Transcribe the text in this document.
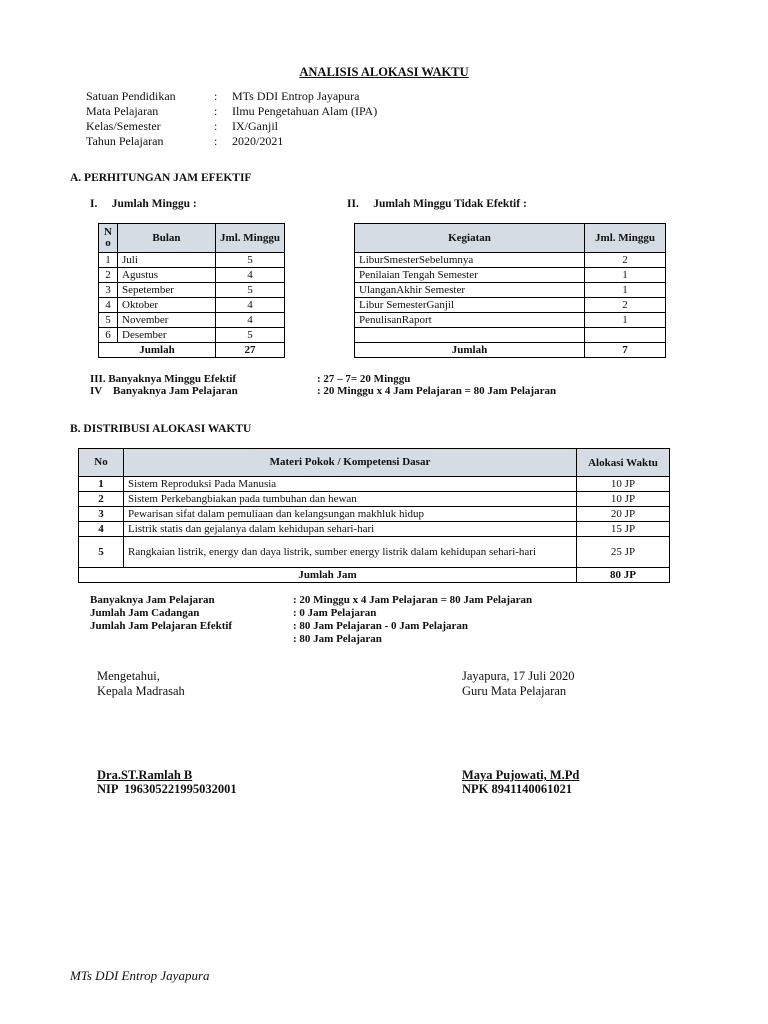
ANALISIS ALOKASI WAKTU
Satuan Pendidikan	: MTs DDI Entrop Jayapura
Mata Pelajaran	: Ilmu Pengetahuan Alam (IPA)
Kelas/Semester	: IX/Ganjil
Tahun Pelajaran	: 2020/2021
A. PERHITUNGAN JAM EFEKTIF
I.     Jumlah Minggu :	II.     Jumlah Minggu Tidak Efektif :
N o	Bulan	Jml. Minggu
1	Juli	5
2	Agustus	4
3	Sepetember	5
4	Oktober	4
5	November	4
6	Desember	5
Jumlah		27
Kegiatan	Jml. Minggu
LiburSmesterSebelumnya	2
Penilaian Tengah Semester	1
UlanganAkhir Semester	1
Libur SemesterGanjil	2
PenulisanRaport	1

Jumlah	7
III. Banyaknya Minggu Efektif	: 27 – 7= 20 Minggu
IV    Banyaknya Jam Pelajaran	: 20 Minggu x 4 Jam Pelajaran = 80 Jam Pelajaran
B. DISTRIBUSI ALOKASI WAKTU
No	Materi Pokok / Kompetensi Dasar	Alokasi Waktu
1	Sistem Reproduksi Pada Manusia	10 JP
2	Sistem Perkebangbiakan pada tumbuhan dan hewan	10 JP
3	Pewarisan sifat dalam pemuliaan dan kelangsungan makhluk hidup	20 JP
4	Listrik statis dan gejalanya dalam kehidupan sehari-hari	15 JP
5	Rangkaian listrik, energy dan daya listrik, sumber energy listrik dalam kehidupan sehari-hari	25 JP
Jumlah Jam		80 JP
Banyaknya Jam Pelajaran	: 20 Minggu x 4 Jam Pelajaran = 80 Jam Pelajaran
Jumlah Jam Cadangan	: 0 Jam Pelajaran
Jumlah Jam Pelajaran Efektif	: 80 Jam Pelajaran - 0 Jam Pelajaran
: 80 Jam Pelajaran
Mengetahui,
Kepala Madrasah
Jayapura, 17 Juli 2020
Guru Mata Pelajaran
Dra.ST.Ramlah B
NIP  196305221995032001
Maya Pujowati, M.Pd
NPK 8941140061021
MTs DDI Entrop Jayapura
